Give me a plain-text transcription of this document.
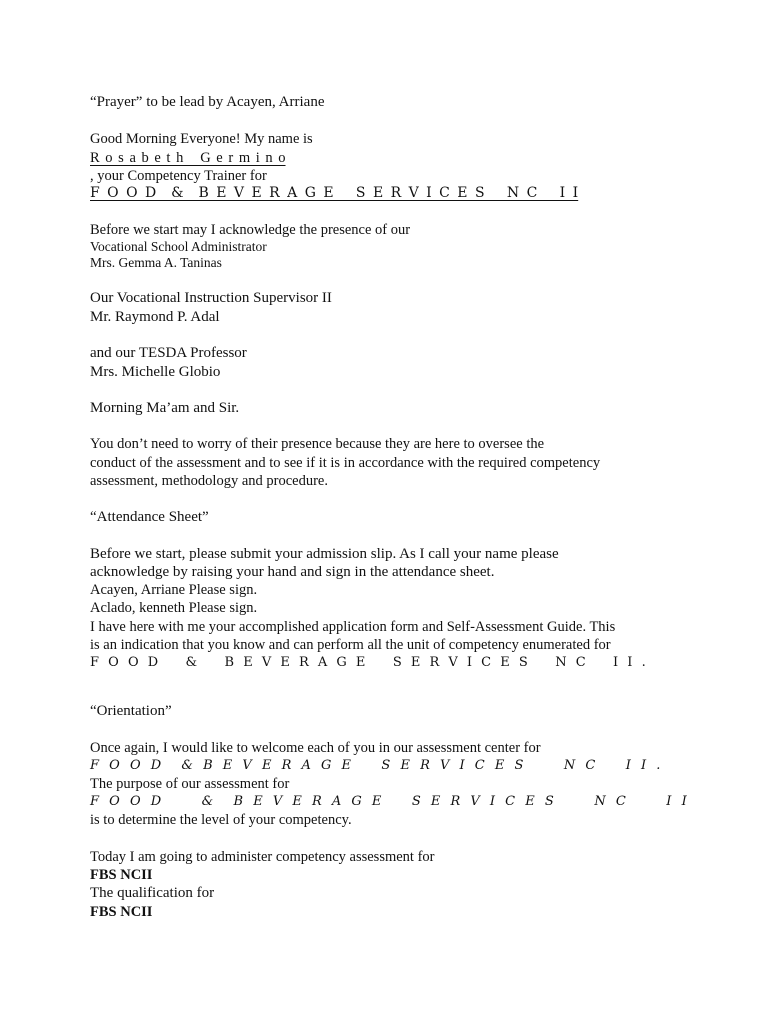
“Prayer” to be lead by Acayen, Arriane
Good Morning Everyone! My name is
R o s a b e t h   G e r m i n o
, your Competency Trainer for
F O O D  &  B E V E R A G E   S E R V I C E S   N C   I I
Before we start may I acknowledge the presence of our
Vocational School Administrator
Mrs. Gemma A. Taninas
Our Vocational Instruction Supervisor II
Mr. Raymond P. Adal
and our TESDA Professor
Mrs. Michelle Globio
Morning Ma’am and Sir.
You don’t need to worry of their presence because they are here to oversee the
conduct of the assessment and to see if it is in accordance with the required competency
assessment, methodology and procedure.
“Attendance Sheet”
Before we start, please submit your admission slip. As I call your name please
acknowledge by raising your hand and sign in the attendance sheet.
Acayen, Arriane Please sign.
Aclado, kenneth Please sign.
I have here with me your accomplished application form and Self-Assessment Guide. This
is an indication that you know and can perform all the unit of competency enumerated for
F O O D   &   B E V E R A G E   S E R V I C E S   N C   I I .
“Orientation”
Once again, I would like to welcome each of you in our assessment center for
F O O D  & B E V E R A G E   S E R V I C E S    N C   I I .
The purpose of our assessment for
F O O D    &  B E V E R A G E   S E R V I C E S    N C    I I
is to determine the level of your competency.
Today I am going to administer competency assessment for
FBS NCII
The qualification for
FBS NCII
